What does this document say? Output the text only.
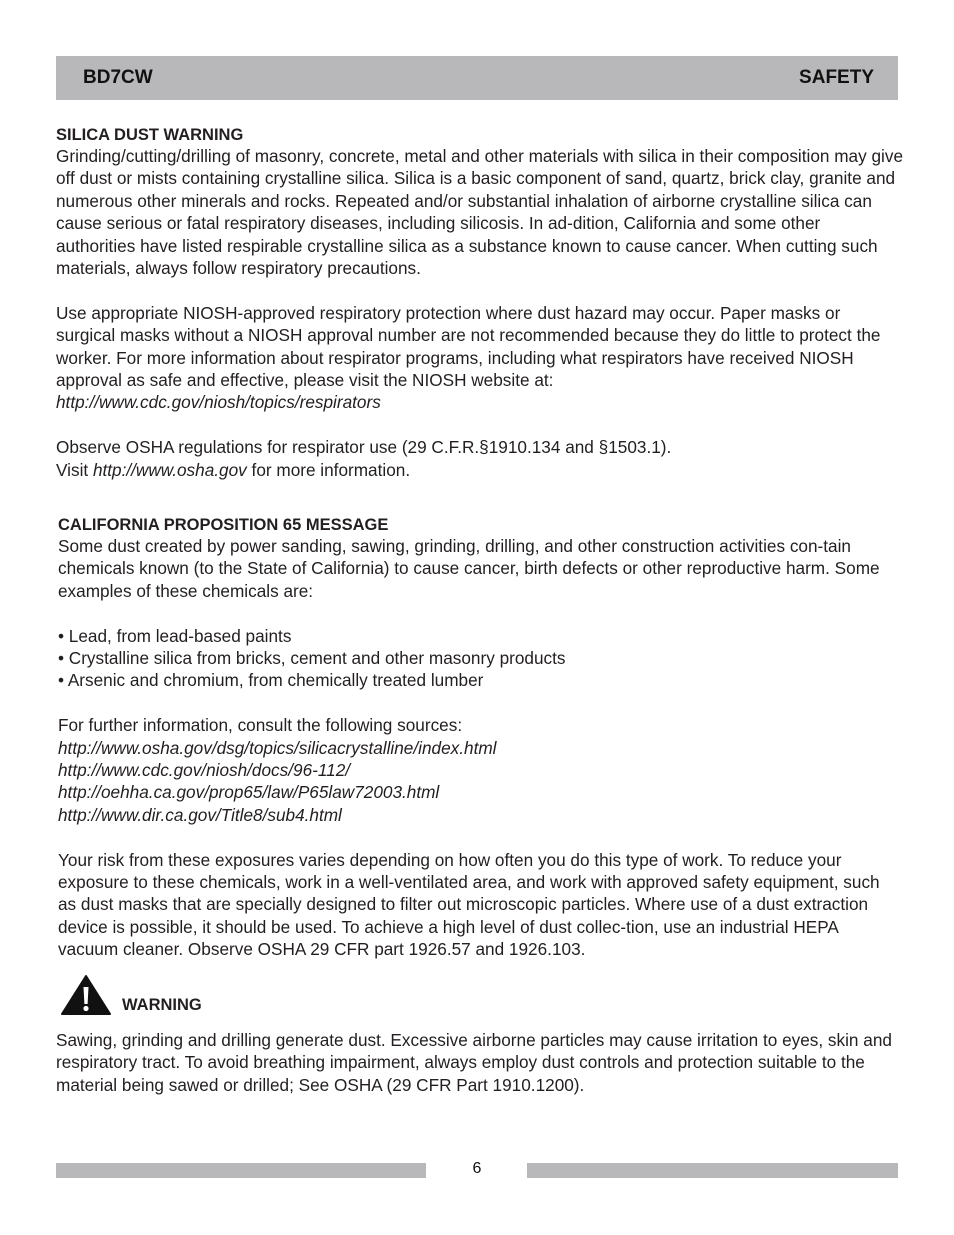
BD7CW	SAFETY
SILICA DUST WARNING

Grinding/cutting/drilling of masonry, concrete, metal and other materials with silica in their composition may give off dust or mists containing crystalline silica. Silica is a basic component of sand, quartz, brick clay, granite and numerous other minerals and rocks. Repeated and/or substantial inhalation of airborne crystalline silica can cause serious or fatal respiratory diseases, including silicosis. In ad-dition, California and some other authorities have listed respirable crystalline silica as a substance known to cause cancer. When cutting such materials, always follow respiratory precautions.

Use appropriate NIOSH-approved respiratory protection where dust hazard may occur. Paper masks or surgical masks without a NIOSH approval number are not recommended because they do little to protect the worker. For more information about respirator programs, including what respirators have received NIOSH approval as safe and effective, please visit the NIOSH website at:

http://www.cdc.gov/niosh/topics/respirators

Observe OSHA regulations for respirator use (29 C.F.R.§1910.134 and §1503.1).

Visit http://www.osha.gov for more information.

CALIFORNIA PROPOSITION 65 MESSAGE

Some dust created by power sanding, sawing, grinding, drilling, and other construction activities con-tain chemicals known (to the State of California) to cause cancer, birth defects or other reproductive harm. Some examples of these chemicals are:

• Lead, from lead-based paints

• Crystalline silica from bricks, cement and other masonry products

• Arsenic and chromium, from chemically treated lumber

For further information, consult the following sources:

http://www.osha.gov/dsg/topics/silicacrystalline/index.html

http://www.cdc.gov/niosh/docs/96-112/

http://oehha.ca.gov/prop65/law/P65law72003.html

http://www.dir.ca.gov/Title8/sub4.html

Your risk from these exposures varies depending on how often you do this type of work. To reduce your exposure to these chemicals, work in a well-ventilated area, and work with approved safety equipment, such as dust masks that are specially designed to filter out microscopic particles. Where use of a dust extraction device is possible, it should be used. To achieve a high level of dust collec-tion, use an industrial HEPA vacuum cleaner. Observe OSHA 29 CFR part 1926.57 and 1926.103.

WARNING

Sawing, grinding and drilling generate dust. Excessive airborne particles may cause irritation to eyes, skin and respiratory tract. To avoid breathing impairment, always employ dust controls and protection suitable to the material being sawed or drilled; See OSHA (29 CFR Part 1910.1200).

6
